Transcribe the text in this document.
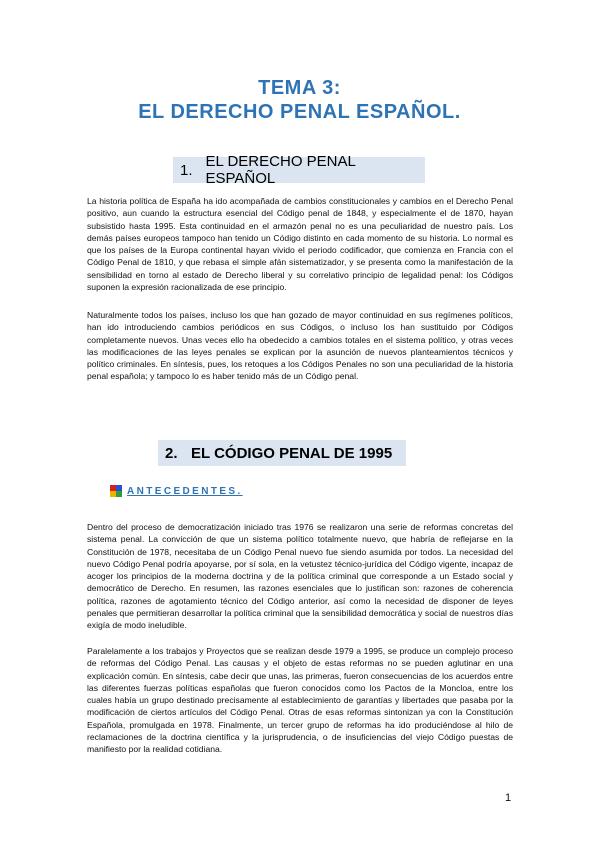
TEMA 3:
EL DERECHO PENAL ESPAÑOL.
1. EL DERECHO PENAL ESPAÑOL

La historia política de España ha ido acompañada de cambios constitucionales y cambios en el Derecho Penal positivo, aun cuando la estructura esencial del Código penal de 1848, y especialmente el de 1870, hayan subsistido hasta 1995. Esta continuidad en el armazón penal no es una peculiaridad de nuestro país. Los demás países europeos tampoco han tenido un Código distinto en cada momento de su historia. Lo normal es que los países de la Europa continental hayan vivido el periodo codificador, que comienza en Francia con el Código Penal de 1810, y que rebasa el simple afán sistematizador, y se presenta como la manifestación de la sensibilidad en torno al estado de Derecho liberal y su correlativo principio de legalidad penal: los Códigos suponen la expresión racionalizada de ese principio.

Naturalmente todos los países, incluso los que han gozado de mayor continuidad en sus regímenes políticos, han ido introduciendo cambios periódicos en sus Códigos, o incluso los han sustituido por Códigos completamente nuevos. Unas veces ello ha obedecido a cambios totales en el sistema político, y otras veces las modificaciones de las leyes penales se explican por la asunción de nuevos planteamientos técnicos y político criminales. En síntesis, pues, los retoques a los Códigos Penales no son una peculiaridad de la historia penal española; y tampoco lo es haber tenido más de un Código penal.

2. EL CÓDIGO PENAL DE 1995
ANTECEDENTES.

Dentro del proceso de democratización iniciado tras 1976 se realizaron una serie de reformas concretas del sistema penal. La convicción de que un sistema político totalmente nuevo, que habría de reflejarse en la Constitución de 1978, necesitaba de un Código Penal nuevo fue siendo asumida por todos. La necesidad del nuevo Código Penal podría apoyarse, por sí sola, en la vetustez técnico-jurídica del Código vigente, incapaz de acoger los principios de la moderna doctrina y de la política criminal que corresponde a un Estado social y democrático de Derecho. En resumen, las razones esenciales que lo justifican son: razones de coherencia política, razones de agotamiento técnico del Código anterior, así como la necesidad de disponer de leyes penales que permitieran desarrollar la política criminal que la sensibilidad democrática y social de nuestros días exigía de modo ineludible.

Paralelamente a los trabajos y Proyectos que se realizan desde 1979 a 1995, se produce un complejo proceso de reformas del Código Penal. Las causas y el objeto de estas reformas no se pueden aglutinar en una explicación común. En síntesis, cabe decir que unas, las primeras, fueron consecuencias de los acuerdos entre las diferentes fuerzas políticas españolas que fueron conocidos como los Pactos de la Moncloa, entre los cuales había un grupo destinado precisamente al establecimiento de garantías y libertades que pasaba por la modificación de ciertos artículos del Código Penal. Otras de esas reformas sintonizan ya con la Constitución Española, promulgada en 1978. Finalmente, un tercer grupo de reformas ha ido produciéndose al hilo de reclamaciones de la doctrina científica y la jurisprudencia, o de insuficiencias del viejo Código puestas de manifiesto por la realidad cotidiana.

1
